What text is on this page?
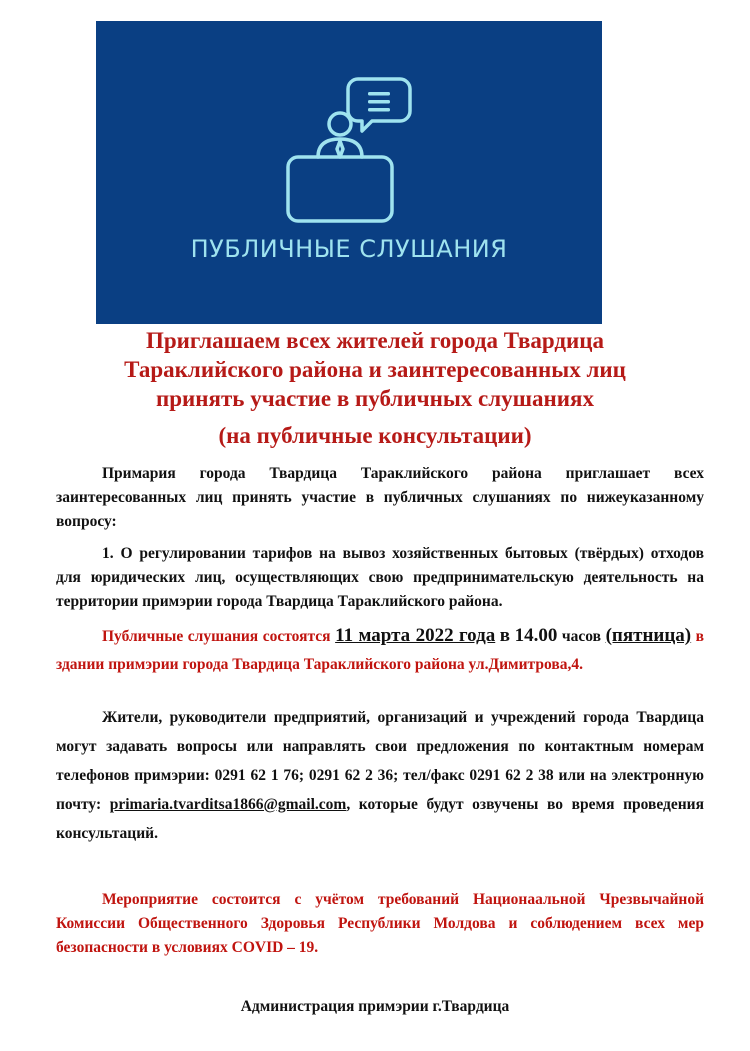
ПУБЛИЧНЫЕ СЛУШАНИЯ
Приглашаем всех жителей города Твардица
Тараклийского района и заинтересованных лиц
принять участие в публичных слушаниях
(на публичные консультации)

Примария города Твардица Тараклийского района приглашает всех заинтересованных лиц принять участие в публичных слушаниях по нижеуказанному вопросу:

1. О регулировании тарифов на вывоз хозяйственных бытовых (твёрдых) отходов для юридических лиц, осуществляющих свою предпринимательскую деятельность на территории примэрии города Твардица Тараклийского района.

Публичные слушания состоятся 11 марта 2022 года в 14.00 часов (пятница) в здании примэрии города Твардица Тараклийского района ул.Димитрова,4.

Жители, руководители предприятий, организаций и учреждений города Твардица могут задавать вопросы или направлять свои предложения по контактным номерам телефонов примэрии: 0291 62 1 76; 0291 62 2 36; тел/факс 0291 62 2 38 или на электронную почту: primaria.tvarditsa1866@gmail.com, которые будут озвучены во время проведения консультаций.

Мероприятие состоится с учётом требований Национаальной Чрезвычайной Комиссии Общественного Здоровья Республики Молдова и соблюдением всех мер безопасности в условиях COVID – 19.

Администрация примэрии г.Твардица
